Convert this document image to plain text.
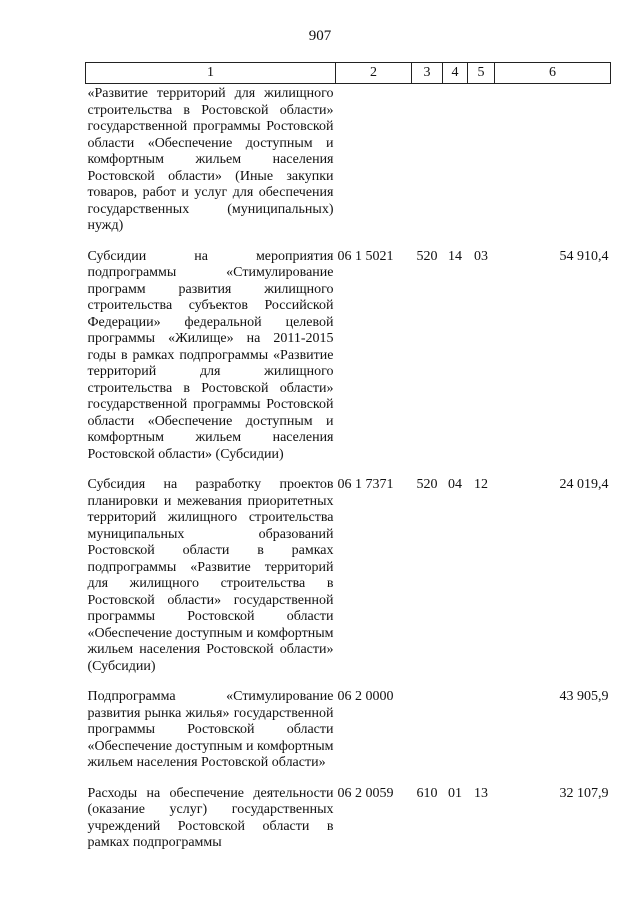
907
1	2	3	4	5	6
«Развитие территорий для жилищного строительства в Ростовской области» государственной программы Ростовской области «Обеспечение доступным и комфортным жильем населения Ростовской области» (Иные закупки товаров, работ и услуг для обеспечения государственных (муниципальных) нужд)					
Субсидии на мероприятия подпрограммы «Стимулирование программ развития жилищного строительства субъектов Российской Федерации» федеральной целевой программы «Жилище» на 2011-2015 годы в рамках подпрограммы «Развитие территорий для жилищного строительства в Ростовской области» государственной программы Ростовской области «Обеспечение доступным и комфортным жильем населения Ростовской области» (Субсидии)	06 1 5021	520	14	03	54 910,4
Субсидия на разработку проектов планировки и межевания приоритетных территорий жилищного строительства муниципальных образований Ростовской области в рамках подпрограммы «Развитие территорий для жилищного строительства в Ростовской области» государственной программы Ростовской области «Обеспечение доступным и комфортным жильем населения Ростовской области» (Субсидии)	06 1 7371	520	04	12	24 019,4
Подпрограмма «Стимулирование развития рынка жилья» государственной программы Ростовской области «Обеспечение доступным и комфортным жильем населения Ростовской области»	06 2 0000				43 905,9
Расходы на обеспечение деятельности (оказание услуг) государственных учреждений Ростовской области в рамках подпрограммы	06 2 0059	610	01	13	32 107,9
